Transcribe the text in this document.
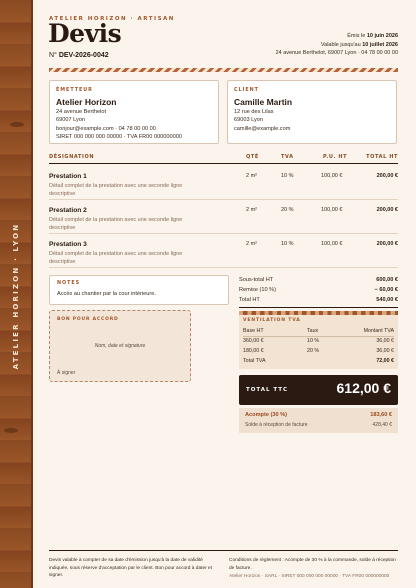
ATELIER HORIZON · LYON
ATELIER HORIZON · ARTISAN
Devis
N° DEV-2026-0042
Émis le 10 juin 2026
Valable jusqu'au 10 juillet 2026
24 avenue Berthelot, 69007 Lyon · 04 78 00 00 00
ÉMETTEUR
Atelier Horizon
24 avenue Berthelot
69007 Lyon
bonjour@example.com · 04 78 00 00 00
SIRET 000 000 000 00000 · TVA FR00 000000000
CLIENT
Camille Martin
12 rue des Lilas
69003 Lyon
camille@example.com
DÉSIGNATION	QTÉ	TVA	P.U. HT	TOTAL HT
Prestation 1
Détail complet de la prestation avec une seconde ligne descriptive
2 m²	10 %	100,00 €	200,00 €
Prestation 2
Détail complet de la prestation avec une seconde ligne descriptive
2 m²	20 %	100,00 €	200,00 €
Prestation 3
Détail complet de la prestation avec une seconde ligne descriptive
2 m²	10 %	100,00 €	200,00 €
NOTES
Accès au chantier par la cour intérieure.
BON POUR ACCORD
Nom, date et signature
À signer
Sous-total HT	600,00 €
Remise (10 %)	− 60,00 €
Total HT	540,00 €
VENTILATION TVA
Base HT	Taux	Montant TVA
360,00 €	10 %	36,00 €
180,00 €	20 %	36,00 €
Total TVA	72,00 €
TOTAL TTC	612,00 €
Acompte (30 %)	183,60 €
Solde à réception de facture	428,40 €
Devis valable à compter de sa date d'émission jusqu'à la date de validité indiquée, sous réserve d'acceptation par le client. Bon pour accord à dater et signer.
Conditions de règlement : Acompte de 30 % à la commande, solde à réception de facture.
Atelier Horizon · SARL · SIRET 000 000 000 00000 · TVA FR00 000000000
